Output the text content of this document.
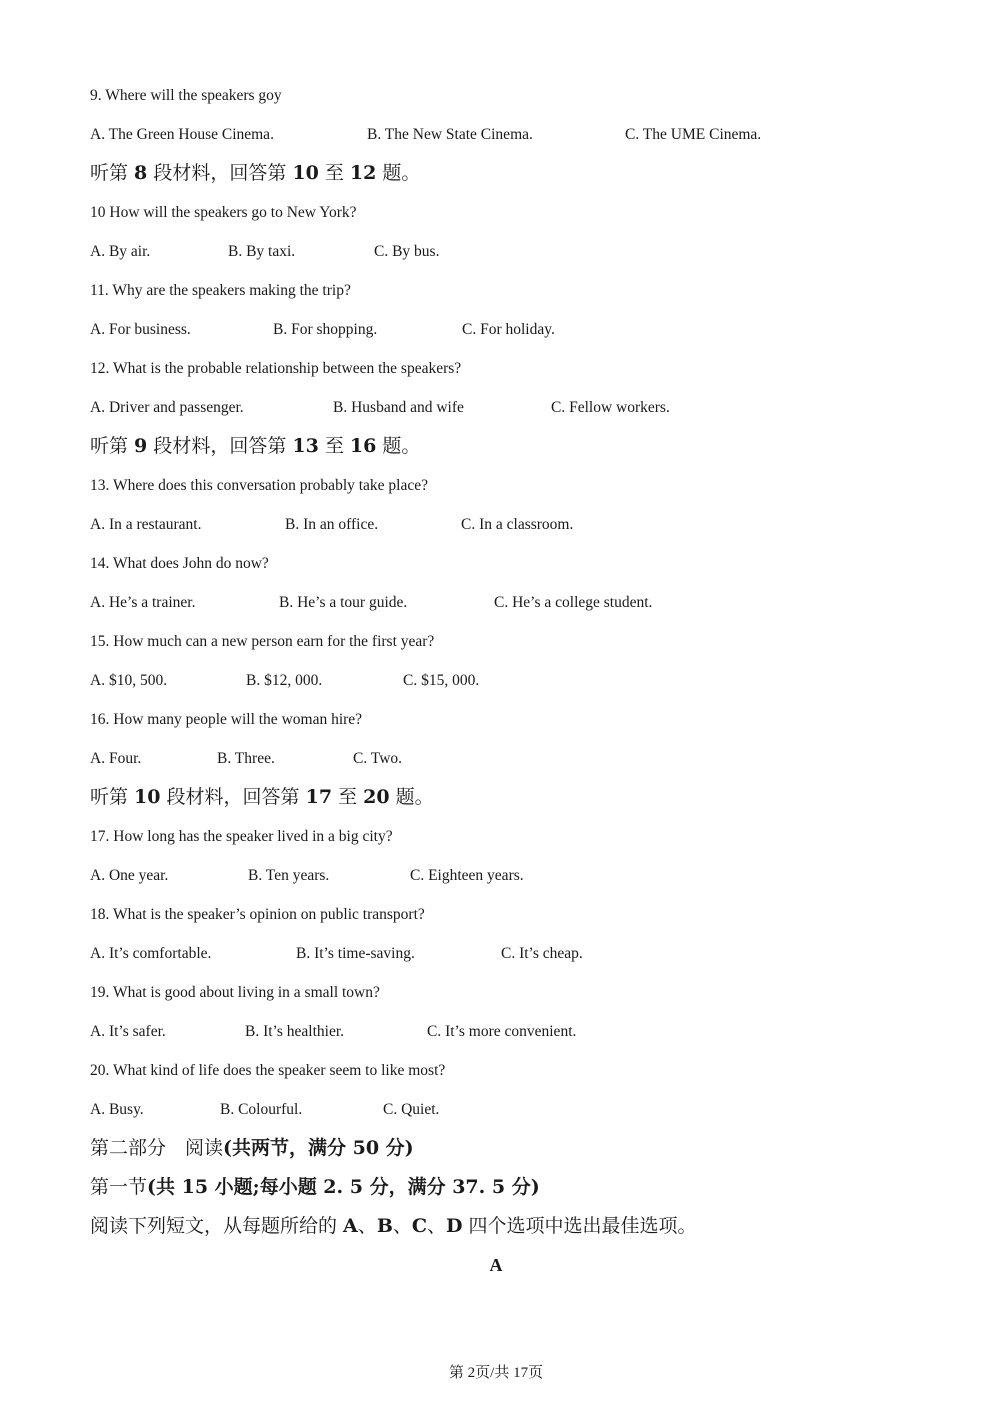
9. Where will the speakers goy
A. The Green House Cinema.	B. The New State Cinema.	C. The UME Cinema.
听第 8 段材料，回答第 10 至 12 题。
10 How will the speakers go to New York?
A. By air.	B. By taxi.	C. By bus.
11. Why are the speakers making the trip?
A. For business.	B. For shopping.	C. For holiday.
12. What is the probable relationship between the speakers?
A. Driver and passenger.	B. Husband and wife	C. Fellow workers.
听第 9 段材料，回答第 13 至 16 题。
13. Where does this conversation probably take place?
A. In a restaurant.	B. In an office.	C. In a classroom.
14. What does John do now?
A. He’s a trainer.	B. He’s a tour guide.	C. He’s a college student.
15. How much can a new person earn for the first year?
A. $10, 500.	B. $12, 000.	C. $15, 000.
16. How many people will the woman hire?
A. Four.	B. Three.	C. Two.
听第 10 段材料，回答第 17 至 20 题。
17. How long has the speaker lived in a big city?
A. One year.	B. Ten years.	C. Eighteen years.
18. What is the speaker’s opinion on public transport?
A. It’s comfortable.	B. It’s time-saving.	C. It’s cheap.
19. What is good about living in a small town?
A. It’s safer.	B. It’s healthier.	C. It’s more convenient.
20. What kind of life does the speaker seem to like most?
A. Busy.	B. Colourful.	C. Quiet.
第二部分　阅读(共两节，满分 50 分)
第一节(共 15 小题;每小题 2. 5 分，满分 37. 5 分)
阅读下列短文，从每题所给的 A、B、C、D 四个选项中选出最佳选项。
A
第 2页/共 17页
